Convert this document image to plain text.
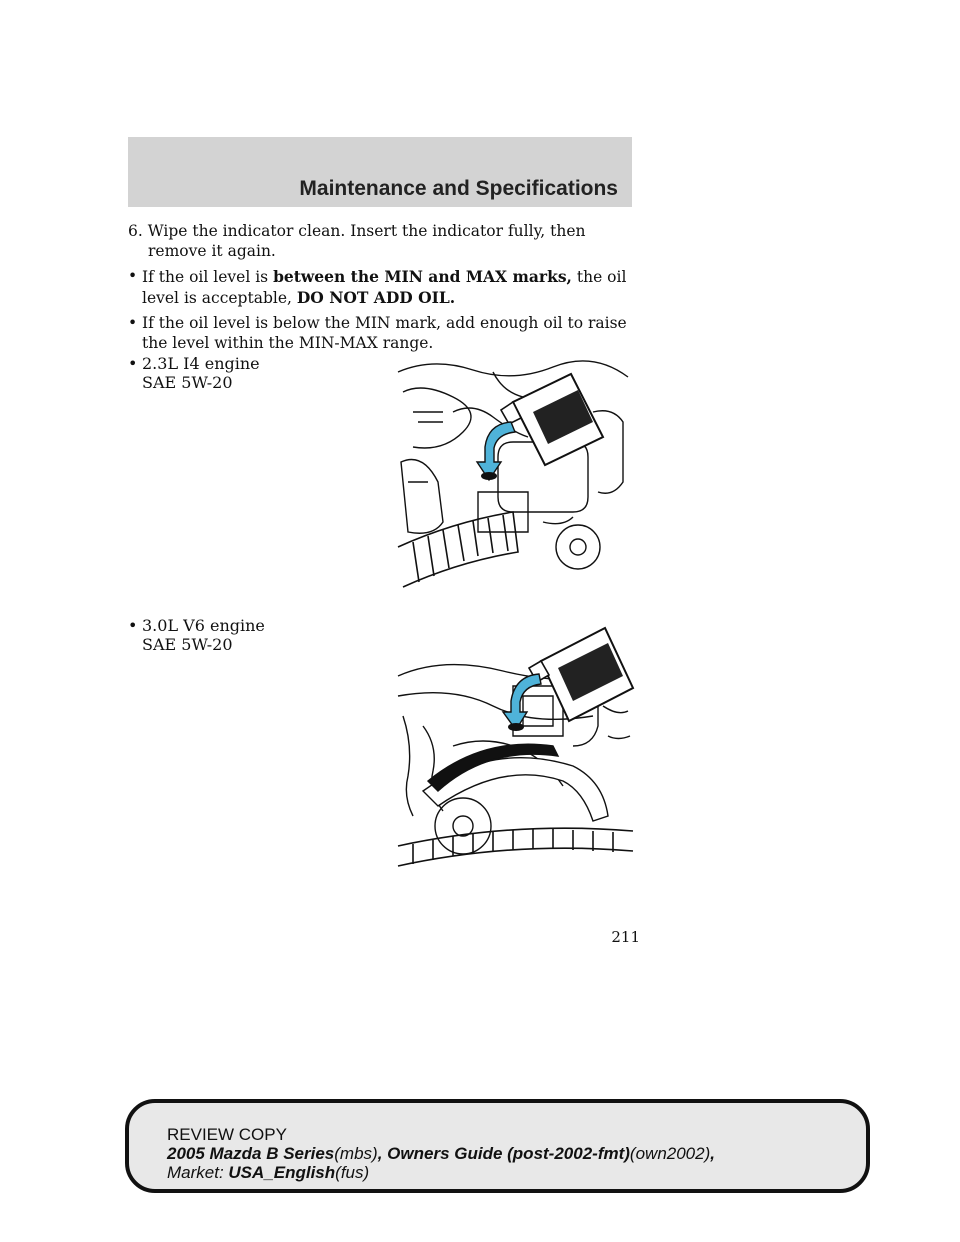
Maintenance and Specifications

6. Wipe the indicator clean. Insert the indicator fully, then remove it again.

• If the oil level is between the MIN and MAX marks, the oil level is acceptable, DO NOT ADD OIL.

• If the oil level is below the MIN mark, add enough oil to raise the level within the MIN-MAX range.

• 2.3L I4 engine
SAE 5W-20

• 3.0L V6 engine
SAE 5W-20

211
REVIEW COPY
2005 Mazda B Series(mbs), Owners Guide (post-2002-fmt)(own2002),
Market: USA_English(fus)
